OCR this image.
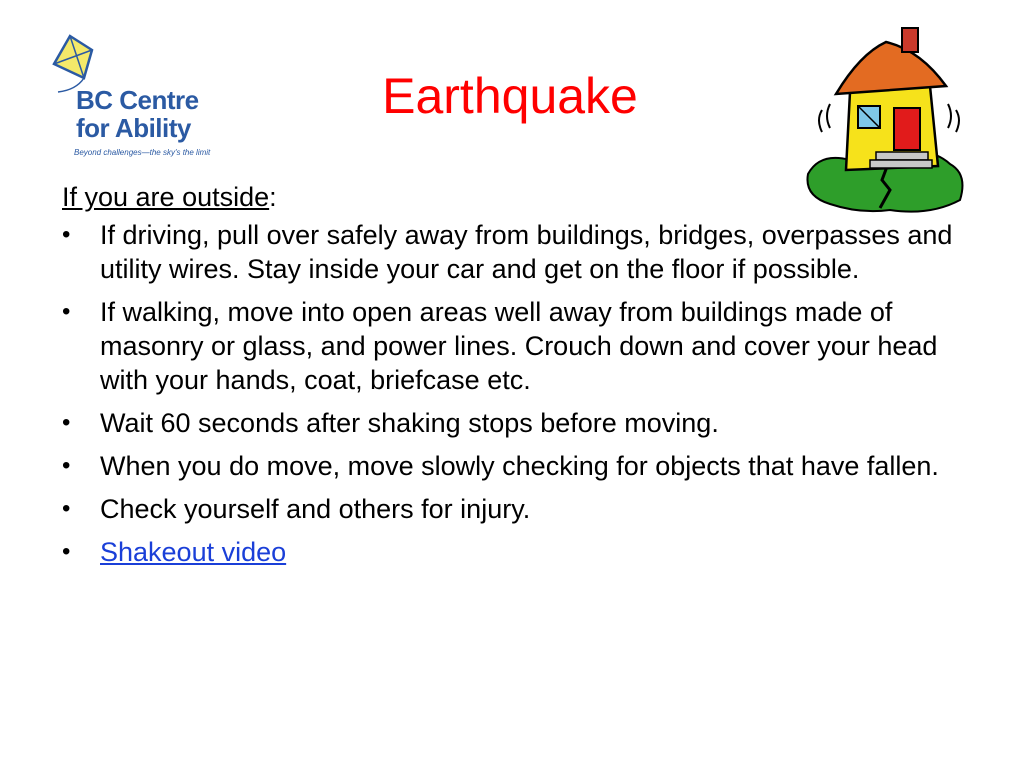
BC Centre
for Ability
Beyond challenges—the sky's the limit
Earthquake
If you are outside:
• If driving, pull over safely away from buildings, bridges, overpasses and utility wires. Stay inside your car and get on the floor if possible.
• If walking, move into open areas well away from buildings made of masonry or glass, and power lines. Crouch down and cover your head with your hands, coat, briefcase etc.
• Wait 60 seconds after shaking stops before moving.
• When you do move, move slowly checking for objects that have fallen.
• Check yourself and others for injury.
• Shakeout video
